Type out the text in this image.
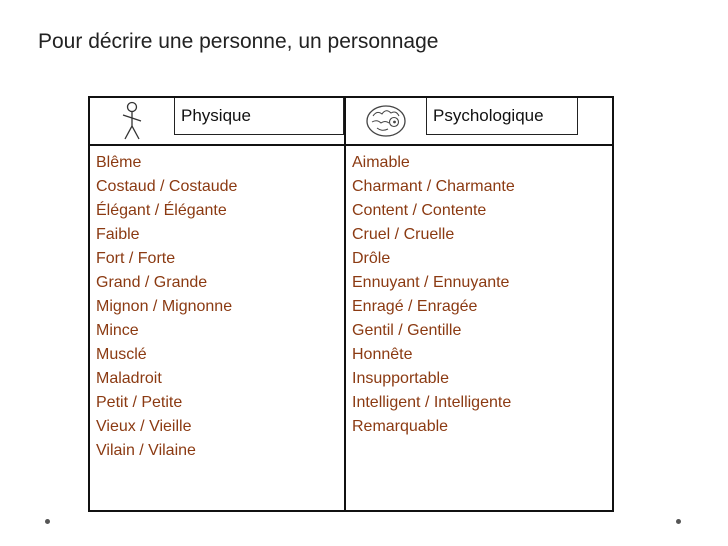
Pour décrire une personne, un personnage
Physique	Psychologique
Blême
Costaud / Costaude
Élégant / Élégante
Faible
Fort / Forte
Grand / Grande
Mignon / Mignonne
Mince
Musclé
Maladroit
Petit / Petite
Vieux / Vieille
Vilain / Vilaine
Aimable
Charmant / Charmante
Content / Contente
Cruel / Cruelle
Drôle
Ennuyant / Ennuyante
Enragé / Enragée
Gentil / Gentille
Honnête
Insupportable
Intelligent / Intelligente
Remarquable
